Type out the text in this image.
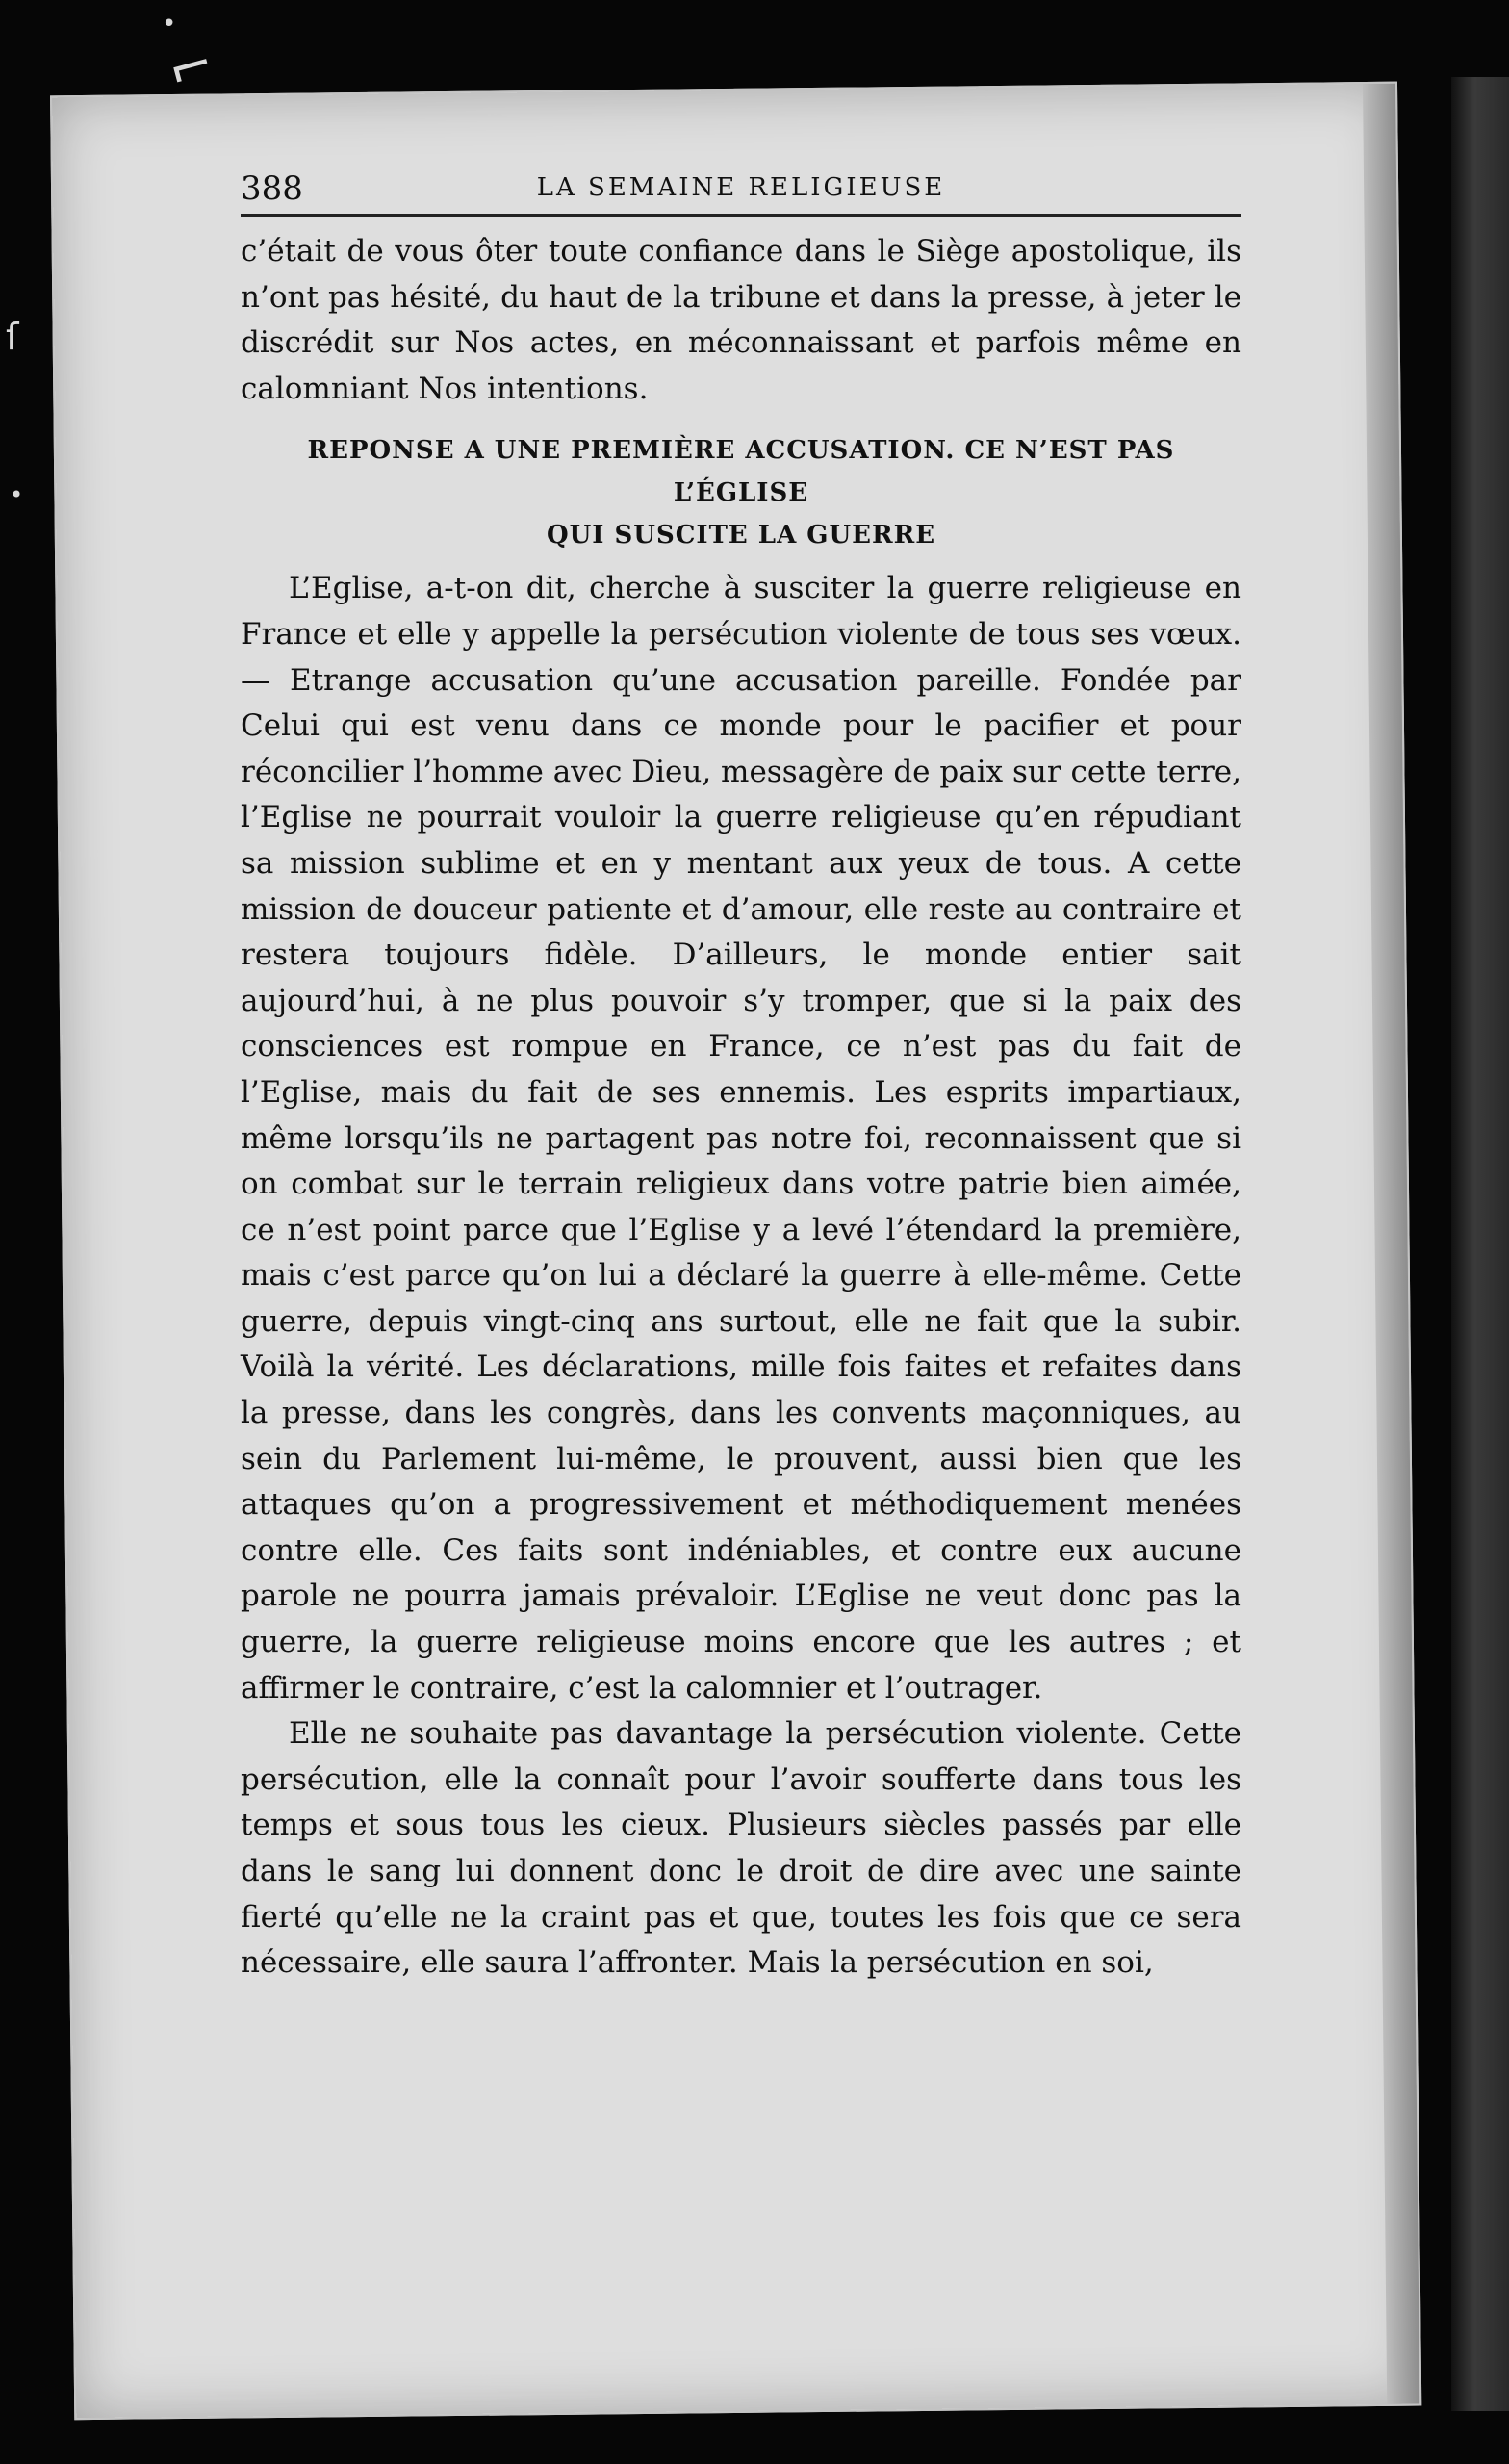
•
⌐
ſ
•
388	LA SEMAINE RELIGIEUSE

c’était de vous ôter toute confiance dans le Siège apostolique, ils n’ont pas hésité, du haut de la tribune et dans la presse, à jeter le discrédit sur Nos actes, en méconnaissant et parfois même en calomniant Nos intentions.

REPONSE A UNE PREMIÈRE ACCUSATION. CE N’EST PAS L’ÉGLISE
QUI SUSCITE LA GUERRE

L’Eglise, a-t-on dit, cherche à susciter la guerre religieuse en France et elle y appelle la persécution violente de tous ses vœux. — Etrange accusation qu’une accusation pareille. Fondée par Celui qui est venu dans ce monde pour le pacifier et pour réconcilier l’homme avec Dieu, messagère de paix sur cette terre, l’Eglise ne pourrait vouloir la guerre religieuse qu’en répudiant sa mission sublime et en y mentant aux yeux de tous. A cette mission de douceur patiente et d’amour, elle reste au contraire et restera toujours fidèle. D’ailleurs, le monde entier sait aujourd’hui, à ne plus pouvoir s’y tromper, que si la paix des consciences est rompue en France, ce n’est pas du fait de l’Eglise, mais du fait de ses ennemis. Les esprits impartiaux, même lorsqu’ils ne partagent pas notre foi, reconnaissent que si on combat sur le terrain religieux dans votre patrie bien aimée, ce n’est point parce que l’Eglise y a levé l’étendard la première, mais c’est parce qu’on lui a déclaré la guerre à elle-même. Cette guerre, depuis vingt-cinq ans surtout, elle ne fait que la subir. Voilà la vérité. Les déclarations, mille fois faites et refaites dans la presse, dans les congrès, dans les convents maçonniques, au sein du Parlement lui-même, le prouvent, aussi bien que les attaques qu’on a progressivement et méthodiquement menées contre elle. Ces faits sont indéniables, et contre eux aucune parole ne pourra jamais prévaloir. L’Eglise ne veut donc pas la guerre, la guerre religieuse moins encore que les autres ; et affirmer le contraire, c’est la calomnier et l’outrager.

Elle ne souhaite pas davantage la persécution violente. Cette persécution, elle la connaît pour l’avoir soufferte dans tous les temps et sous tous les cieux. Plusieurs siècles passés par elle dans le sang lui donnent donc le droit de dire avec une sainte fierté qu’elle ne la craint pas et que, toutes les fois que ce sera nécessaire, elle saura l’affronter. Mais la persécution en soi,
